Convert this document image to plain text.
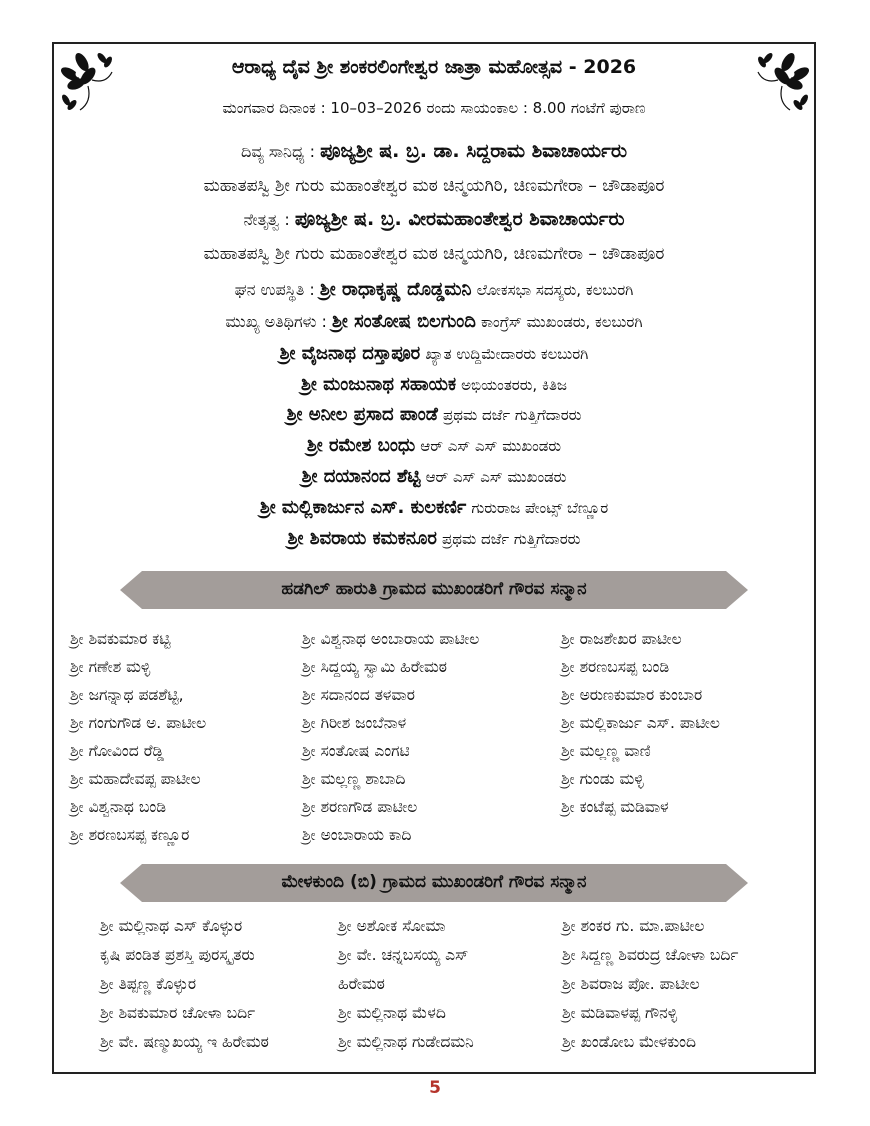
ಆರಾಧ್ಯ ದೈವ ಶ್ರೀ ಶಂಕರಲಿಂಗೇಶ್ವರ ಜಾತ್ರಾ ಮಹೋತ್ಸವ - 2026
ಮಂಗವಾರ ದಿನಾಂಕ : 10–03–2026 ರಂದು ಸಾಯಂಕಾಲ : 8.00 ಗಂಟೆಗೆ ಪುರಾಣ
ದಿವ್ಯ ಸಾನಿಧ್ಯ : ಪೂಜ್ಯಶ್ರೀ ಷ. ಬ್ರ. ಡಾ. ಸಿದ್ದರಾಮ ಶಿವಾಚಾರ್ಯರು
ಮಹಾತಪಸ್ವಿ ಶ್ರೀ ಗುರು ಮಹಾಂತೇಶ್ವರ ಮಠ ಚಿನ್ಮಯಗಿರಿ, ಚಿಣಮಗೇರಾ – ಚೌಡಾಪೂರ
ನೇತೃತ್ವ : ಪೂಜ್ಯಶ್ರೀ ಷ. ಬ್ರ. ವೀರಮಹಾಂತೇಶ್ವರ ಶಿವಾಚಾರ್ಯರು
ಮಹಾತಪಸ್ವಿ ಶ್ರೀ ಗುರು ಮಹಾಂತೇಶ್ವರ ಮಠ ಚಿನ್ಮಯಗಿರಿ, ಚಿಣಮಗೇರಾ – ಚೌಡಾಪೂರ
ಘನ ಉಪಸ್ಥಿತಿ : ಶ್ರೀ ರಾಧಾಕೃಷ್ಣ ದೊಡ್ಡಮನಿ ಲೋಕಸಭಾ ಸದಸ್ಯರು, ಕಲಬುರಗಿ
ಮುಖ್ಯ ಅತಿಥಿಗಳು : ಶ್ರೀ ಸಂತೋಷ ಬಿಲಗುಂದಿ ಕಾಂಗ್ರೆಸ್ ಮುಖಂಡರು, ಕಲಬುರಗಿ
ಶ್ರೀ ವೈಜನಾಥ ದಸ್ತಾಪೂರ ಖ್ಯಾತ ಉದ್ದಿಮೇದಾರರು ಕಲಬುರಗಿ
ಶ್ರೀ ಮಂಜುನಾಥ ಸಹಾಯಕ ಅಭಿಯಂತರರು, ಕಿತಿಜ
ಶ್ರೀ ಅನೀಲ ಪ್ರಸಾದ ಪಾಂಡೆ ಪ್ರಥಮ ದರ್ಜೆ ಗುತ್ತಿಗೆದಾರರು
ಶ್ರೀ ರಮೇಶ ಬಂಧು ಆರ್ ಎಸ್ ಎಸ್ ಮುಖಂಡರು
ಶ್ರೀ ದಯಾನಂದ ಶೆಟ್ಟಿ ಆರ್ ಎಸ್ ಎಸ್ ಮುಖಂಡರು
ಶ್ರೀ ಮಲ್ಲಿಕಾರ್ಜುನ ಎಸ್. ಕುಲಕರ್ಣಿ ಗುರುರಾಜ ಪೇಂಟ್ಸ್ ಬೆಣ್ಣೂರ
ಶ್ರೀ ಶಿವರಾಯ ಕಮಕನೂರ ಪ್ರಥಮ ದರ್ಜೆ ಗುತ್ತಿಗೆದಾರರು
ಹಡಗಿಲ್ ಹಾರುತಿ ಗ್ರಾಮದ ಮುಖಂಡರಿಗೆ ಗೌರವ ಸನ್ಮಾನ
ಶ್ರೀ ಶಿವಕುಮಾರ ಕಟ್ಟಿ
ಶ್ರೀ ಗಣೇಶ ಮಳ್ಳಿ
ಶ್ರೀ ಜಗನ್ನಾಥ ಪಡಶೆಟ್ಟಿ,
ಶ್ರೀ ಗಂಗುಗೌಡ ಅ. ಪಾಟೀಲ
ಶ್ರೀ ಗೋವಿಂದ ರೆಡ್ಡಿ
ಶ್ರೀ ಮಹಾದೇವಪ್ಪ ಪಾಟೀಲ
ಶ್ರೀ ವಿಶ್ವನಾಥ ಬಂಡಿ
ಶ್ರೀ ಶರಣಬಸಪ್ಪ ಕಣ್ಣೂರ
ಶ್ರೀ ವಿಶ್ವನಾಥ ಅಂಬಾರಾಯ ಪಾಟೀಲ
ಶ್ರೀ ಸಿದ್ದಯ್ಯ ಸ್ವಾಮಿ ಹಿರೇಮಠ
ಶ್ರೀ ಸದಾನಂದ ತಳವಾರ
ಶ್ರೀ ಗಿರೀಶ ಜಂಬೆನಾಳ
ಶ್ರೀ ಸಂತೋಷ ಎಂಗಟಿ
ಶ್ರೀ ಮಲ್ಲಣ್ಣ ಶಾಬಾದಿ
ಶ್ರೀ ಶರಣಗೌಡ ಪಾಟೀಲ
ಶ್ರೀ ಅಂಬಾರಾಯ ಕಾದಿ
ಶ್ರೀ ರಾಜಶೇಖರ ಪಾಟೀಲ
ಶ್ರೀ ಶರಣಬಸಪ್ಪ ಬಂಡಿ
ಶ್ರೀ ಅರುಣಕುಮಾರ ಕುಂಬಾರ
ಶ್ರೀ ಮಲ್ಲಿಕಾರ್ಜು ಎಸ್. ಪಾಟೀಲ
ಶ್ರೀ ಮಲ್ಲಣ್ಣ ವಾಣಿ
ಶ್ರೀ ಗುಂಡು ಮಳ್ಳಿ
ಶ್ರೀ ಕಂಟೆಪ್ಪ ಮಡಿವಾಳ
ಮೇಳಕುಂದಿ (ಬಿ) ಗ್ರಾಮದ ಮುಖಂಡರಿಗೆ ಗೌರವ ಸನ್ಮಾನ
ಶ್ರೀ ಮಲ್ಲಿನಾಥ ಎಸ್ ಕೊಳ್ಳುರ
ಕೃಷಿ ಪಂಡಿತ ಪ್ರಶಸ್ತಿ ಪುರಸ್ಕೃತರು
ಶ್ರೀ ತಿಪ್ಪಣ್ಣ ಕೊಳ್ಳುರ
ಶ್ರೀ ಶಿವಕುಮಾರ ಚೋಳಾ ಬರ್ದಿ
ಶ್ರೀ ವೇ. ಷಣ್ಮುಖಯ್ಯ ಇ ಹಿರೇಮಠ
ಶ್ರೀ ಅಶೋಕ ಸೋಮಾ
ಶ್ರೀ ವೇ. ಚನ್ನಬಸಯ್ಯ ಎಸ್
ಹಿರೇಮಠ
ಶ್ರೀ ಮಲ್ಲಿನಾಥ ಮೆಳದಿ
ಶ್ರೀ ಮಲ್ಲಿನಾಥ ಗುಡೇದಮನಿ
ಶ್ರೀ ಶಂಕರ ಗು. ಮಾ.ಪಾಟೀಲ
ಶ್ರೀ ಸಿದ್ದಣ್ಣ ಶಿವರುದ್ರ ಚೋಳಾ ಬರ್ದಿ
ಶ್ರೀ ಶಿವರಾಜ ಪೋ. ಪಾಟೀಲ
ಶ್ರೀ ಮಡಿವಾಳಪ್ಪ ಗೌನಳ್ಳಿ
ಶ್ರೀ ಖಂಡೋಬ ಮೇಳಕುಂದಿ
5
